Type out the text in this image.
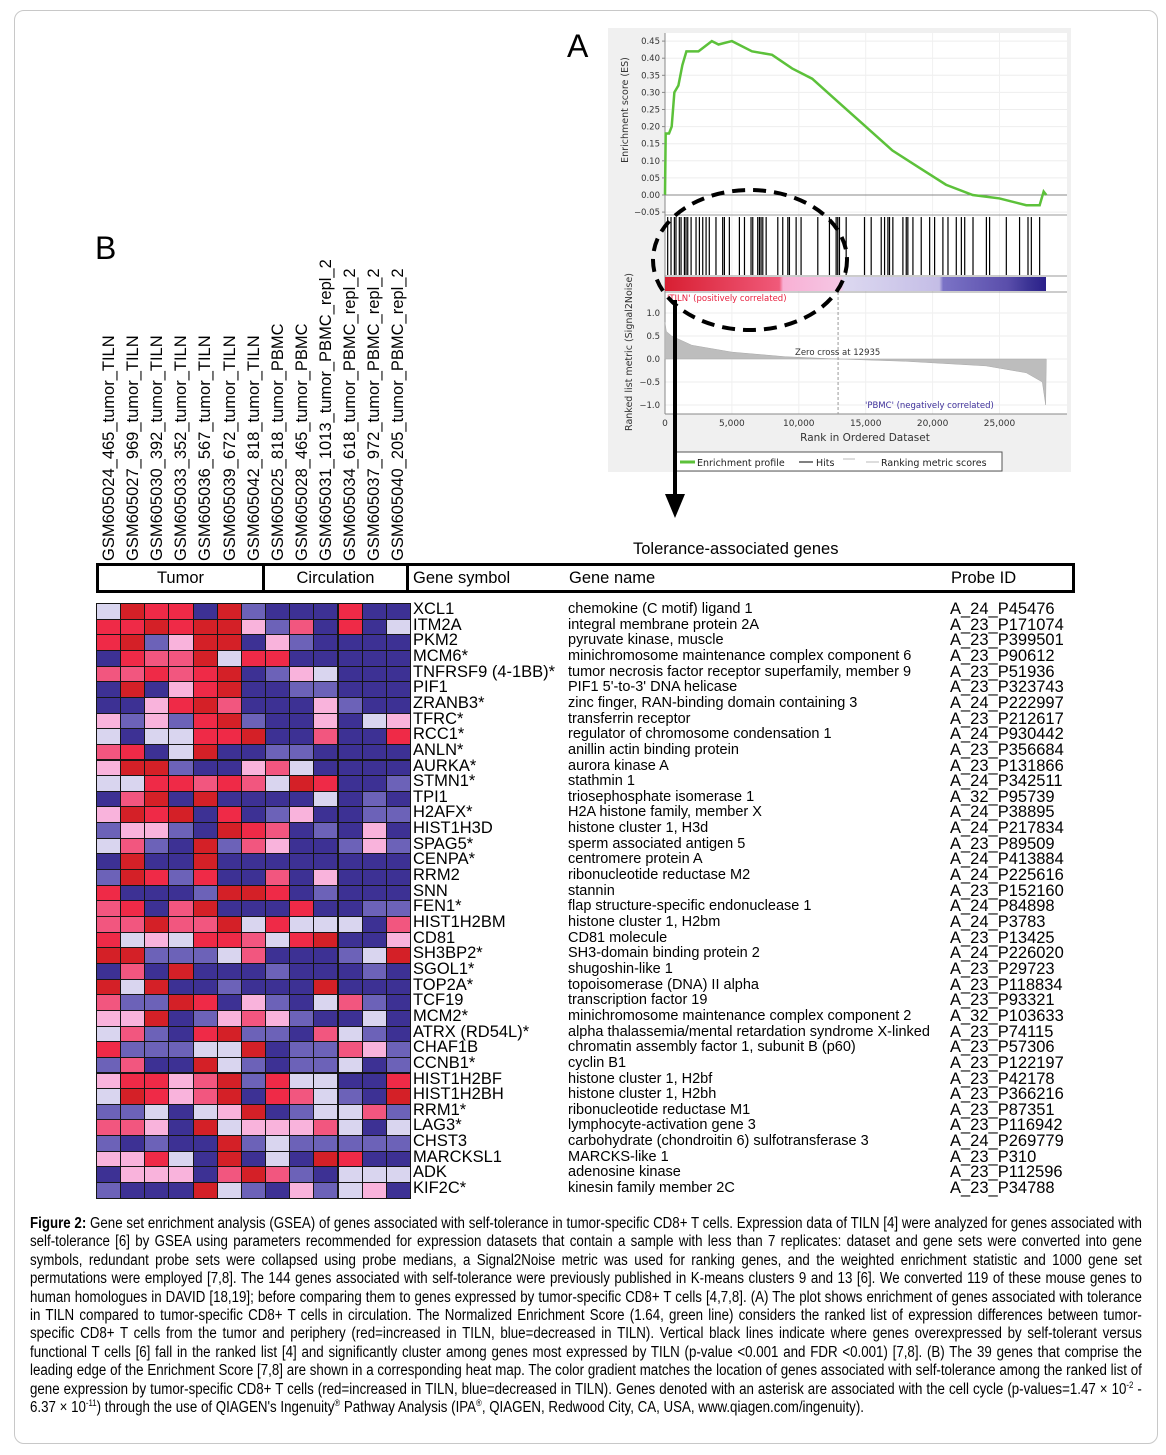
A
B
0.45
0.40
0.35
0.30
0.25
0.20
0.15
0.10
0.05
0.00
−0.05
1.0
0.5
0.0
−0.5
−1.0
0	5,000	10,000	15,000	20,000	25,000
Enrichment score (ES)
Ranked list metric (Signal2Noise)
Rank in Ordered Dataset
'TILN' (positively correlated)
Zero cross at 12935
'PBMC' (negatively correlated)
Enrichment profile	Hits	Ranking metric scores
GSM605024_465_tumor_TILN GSM605027_969_tumor_TILN GSM605030_392_tumor_TILN GSM605033_352_tumor_TILN GSM605036_567_tumor_TILN GSM605039_672_tumor_TILN GSM605042_818_tumor_TILN GSM605025_818_tumor_PBMC GSM605028_465_tumor_PBMC GSM605031_1013_tumor_PBMC_repl_2 GSM605034_618_tumor_PBMC_repl_2 GSM605037_972_tumor_PBMC_repl_2 GSM605040_205_tumor_PBMC_repl_2	Tolerance-associated genes
Tumor	Circulation	Gene symbol	Gene name	Probe ID
XCL1	chemokine (C motif) ligand 1	A_24_P45476
ITM2A	integral membrane protein 2A	A_23_P171074
PKM2	pyruvate kinase, muscle	A_23_P399501
MCM6*	minichromosome maintenance complex component 6 A_23_P90612
TNFRSF9 (4-1BB)* tumor necrosis factor receptor superfamily, member 9 A_23_P51936
PIF1	PIF1 5'-to-3' DNA helicase	A_23_P323743
ZRANB3*	zinc finger, RAN-binding domain containing 3	A_24_P222997
TFRC*	transferrin receptor	A_23_P212617
RCC1*	regulator of chromosome condensation 1	A_24_P930442
ANLN*	anillin actin binding protein	A_23_P356684
AURKA*	aurora kinase A	A_23_P131866
STMN1*	stathmin 1	A_24_P342511
TPI1	triosephosphate isomerase 1	A_32_P95739
H2AFX*	H2A histone family, member X	A_24_P38895
HIST1H3D	histone cluster 1, H3d	A_24_P217834
SPAG5*	sperm associated antigen 5	A_23_P89509
CENPA*	centromere protein A	A_24_P413884
RRM2	ribonucleotide reductase M2	A_24_P225616
SNN	stannin	A_23_P152160
FEN1*	flap structure-specific endonuclease 1	A_24_P84898
HIST1H2BM	histone cluster 1, H2bm	A_24_P3783
CD81	CD81 molecule	A_23_P13425
SH3BP2*	SH3-domain binding protein 2	A_24_P226020
SGOL1*	shugoshin-like 1	A_23_P29723
TOP2A*	topoisomerase (DNA) II alpha	A_23_P118834
TCF19	transcription factor 19	A_23_P93321
MCM2*	minichromosome maintenance complex component 2 A_32_P103633
ATRX (RD54L)*	alpha thalassemia/mental retardation syndrome X-linked A_23_P74115
CHAF1B	chromatin assembly factor 1, subunit B (p60)	A_23_P57306
CCNB1*	cyclin B1	A_23_P122197
HIST1H2BF	histone cluster 1, H2bf	A_23_P42178
HIST1H2BH	histone cluster 1, H2bh	A_23_P366216
RRM1*	ribonucleotide reductase M1	A_23_P87351
LAG3*	lymphocyte-activation gene 3	A_23_P116942
CHST3	carbohydrate (chondroitin 6) sulfotransferase 3	A_24_P269779
MARCKSL1	MARCKS-like 1	A_23_P310
ADK	adenosine kinase	A_23_P112596
KIF2C*	kinesin family member 2C	A_23_P34788
Figure 2: Gene set enrichment analysis (GSEA) of genes associated with self-tolerance in tumor-specific CD8+ T cells. Expression data of TILN [4] were analyzed for genes associated with self-tolerance [6] by GSEA using parameters recommended for expression datasets that contain a sample with less than 7 replicates: dataset and gene sets were converted into gene symbols, redundant probe sets were collapsed using probe medians, a Signal2Noise metric was used for ranking genes, and the weighted enrichment statistic and 1000 gene set permutations were employed [7,8]. The 144 genes associated with self-tolerance were previously published in K-means clusters 9 and 13 [6]. We converted 119 of these mouse genes to human homologues in DAVID [18,19]; before comparing them to genes expressed by tumor-specific CD8+ T cells [4,7,8]. (A) The plot shows enrichment of genes associated with tolerance in TILN compared to tumor-specific CD8+ T cells in circulation. The Normalized Enrichment Score (1.64, green line) considers the ranked list of expression differences between tumor-specific CD8+ T cells from the tumor and periphery (red=increased in TILN, blue=decreased in TILN). Vertical black lines indicate where genes overexpressed by self-tolerant versus functional T cells [6] fall in the ranked list [4] and significantly cluster among genes most expressed by TILN (p-value <0.001 and FDR <0.001) [7,8]. (B) The 39 genes that comprise the leading edge of the Enrichment Score [7,8] are shown in a corresponding heat map. The color gradient matches the location of genes associated with self-tolerance among the ranked list of gene expression by tumor-specific CD8+ T cells (red=increased in TILN, blue=decreased in TILN). Genes denoted with an asterisk are associated with the cell cycle (p-values=1.47 × $10^{-2} - 6.37 \times 10^{-11}$) through the use of QIAGEN's Ingenuity® Pathway Analysis (IPA®, QIAGEN, Redwood City, CA, USA, www.qiagen.com/ingenuity).
